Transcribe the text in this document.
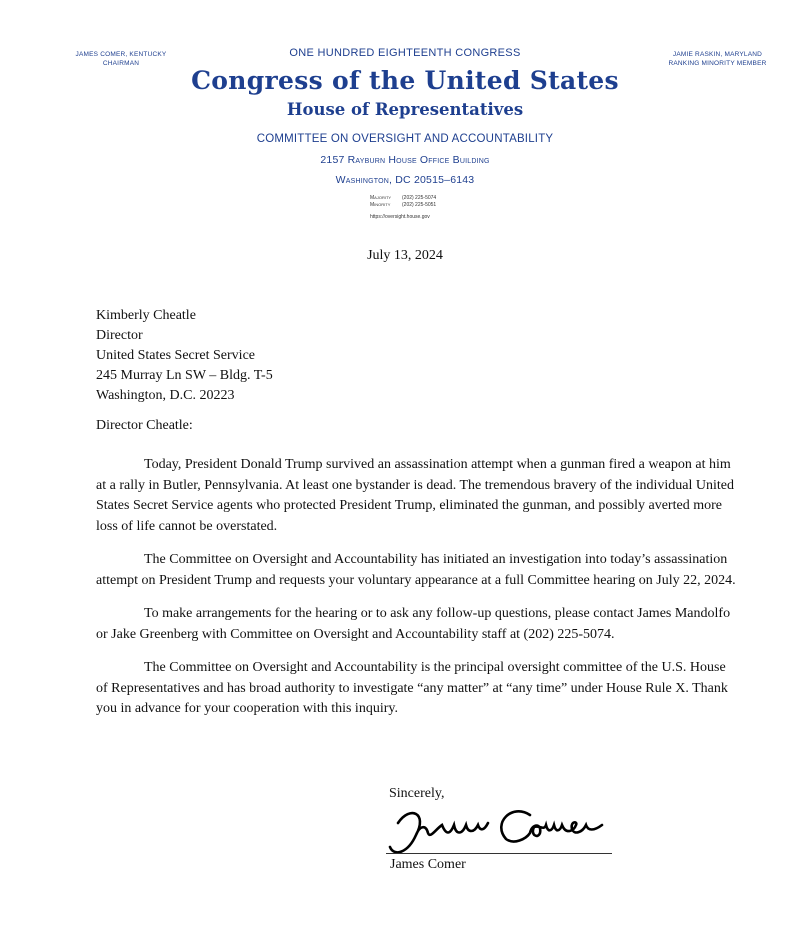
JAMES COMER, KENTUCKY
CHAIRMAN
JAMIE RASKIN, MARYLAND
RANKING MINORITY MEMBER
ONE HUNDRED EIGHTEENTH CONGRESS
Congress of the United States
House of Representatives
COMMITTEE ON OVERSIGHT AND ACCOUNTABILITY
2157 Rayburn House Office Building
Washington, DC 20515–6143
Majority (202) 225-5074
Minority (202) 225-5051
https://oversight.house.gov
July 13, 2024
Kimberly Cheatle
Director
United States Secret Service
245 Murray Ln SW – Bldg. T-5
Washington, D.C. 20223
Director Cheatle:

Today, President Donald Trump survived an assassination attempt when a gunman fired a weapon at him at a rally in Butler, Pennsylvania. At least one bystander is dead. The tremendous bravery of the individual United States Secret Service agents who protected President Trump, eliminated the gunman, and possibly averted more loss of life cannot be overstated.

The Committee on Oversight and Accountability has initiated an investigation into today’s assassination attempt on President Trump and requests your voluntary appearance at a full Committee hearing on July 22, 2024.

To make arrangements for the hearing or to ask any follow-up questions, please contact James Mandolfo or Jake Greenberg with Committee on Oversight and Accountability staff at (202) 225-5074.

The Committee on Oversight and Accountability is the principal oversight committee of the U.S. House of Representatives and has broad authority to investigate “any matter” at “any time” under House Rule X. Thank you in advance for your cooperation with this inquiry.

Sincerely,
James Comer
